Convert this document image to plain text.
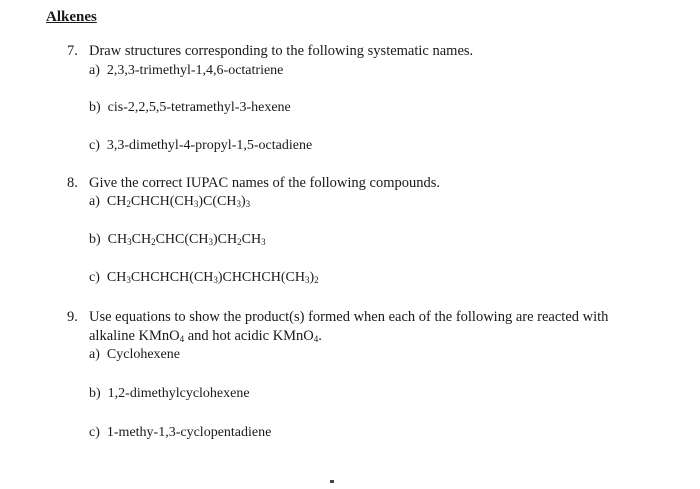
Alkenes
7. Draw structures corresponding to the following systematic names.
a) 2,3,3-trimethyl-1,4,6-octatriene
b) cis-2,2,5,5-tetramethyl-3-hexene
c) 3,3-dimethyl-4-propyl-1,5-octadiene
8. Give the correct IUPAC names of the following compounds.
a) $CH_2CHCH(CH_3)C(CH_3)_3$
b) $CH_3CH_2CHC(CH_3)CH_2CH_3$
c) $CH_3CHCHCH(CH_3)CHCHCH(CH_3)_2$
9. Use equations to show the product(s) formed when each of the following are reacted with
alkaline KMnO$_4$ and hot acidic KMnO$_4$.
a) Cyclohexene
b) 1,2-dimethylcyclohexene
c) 1-methy-1,3-cyclopentadiene
